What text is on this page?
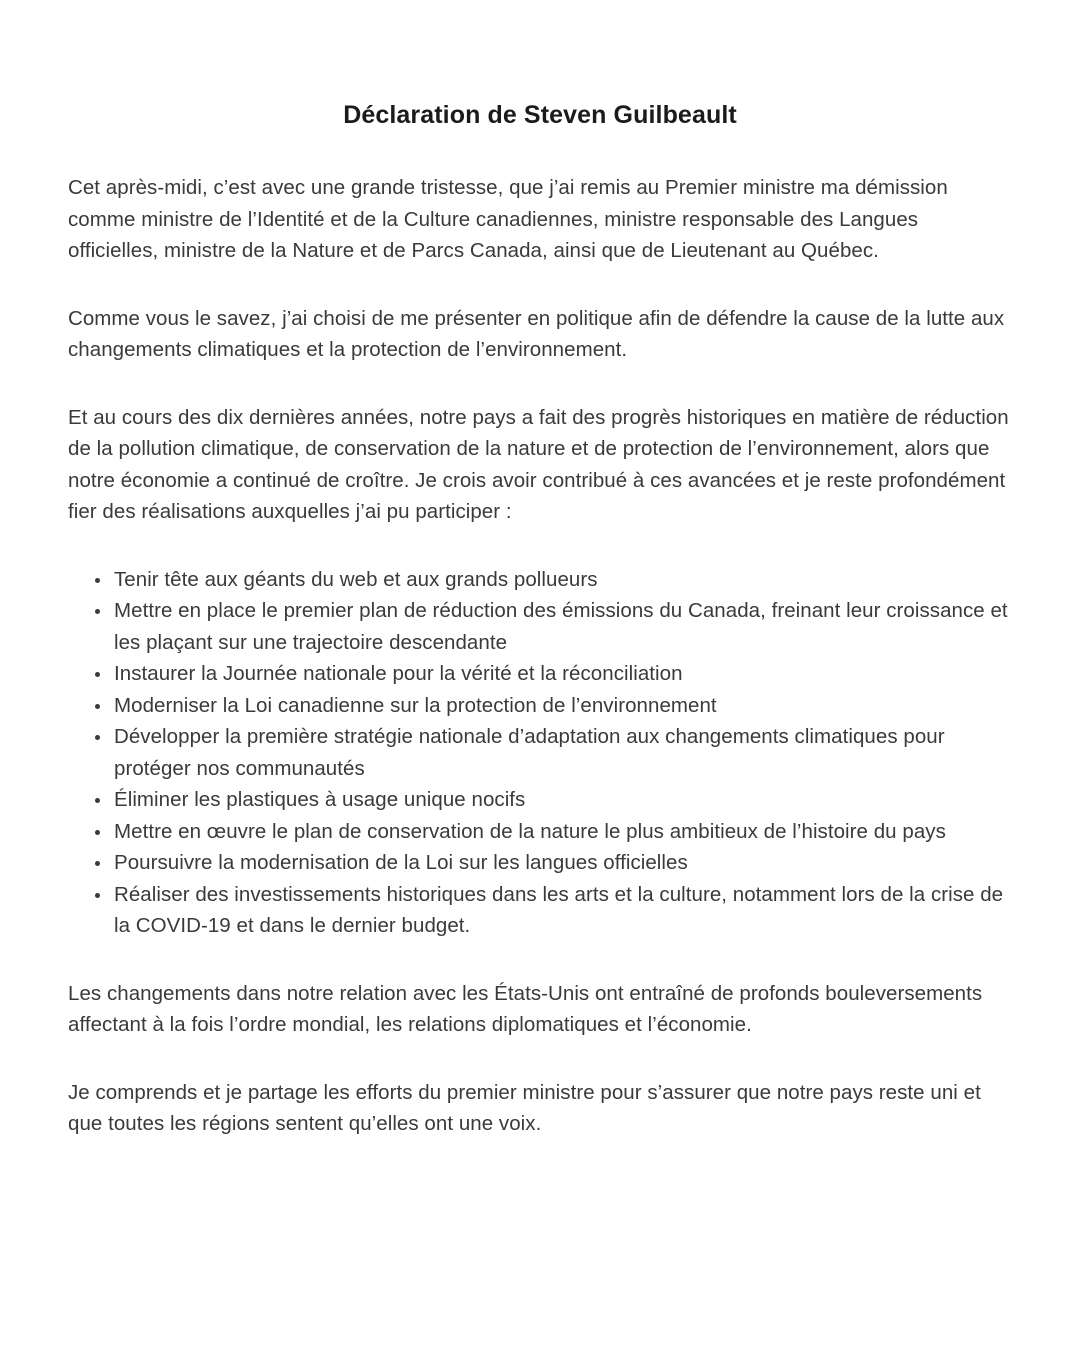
Déclaration de Steven Guilbeault

Cet après-midi, c’est avec une grande tristesse, que j’ai remis au Premier ministre ma démission comme ministre de l’Identité et de la Culture canadiennes, ministre responsable des Langues officielles, ministre de la Nature et de Parcs Canada, ainsi que de Lieutenant au Québec.

Comme vous le savez, j’ai choisi de me présenter en politique afin de défendre la cause de la lutte aux changements climatiques et la protection de l’environnement.

Et au cours des dix dernières années, notre pays a fait des progrès historiques en matière de réduction de la pollution climatique, de conservation de la nature et de protection de l’environnement, alors que notre économie a continué de croître. Je crois avoir contribué à ces avancées et je reste profondément fier des réalisations auxquelles j’ai pu participer :

• Tenir tête aux géants du web et aux grands pollueurs
• Mettre en place le premier plan de réduction des émissions du Canada, freinant leur croissance et les plaçant sur une trajectoire descendante
• Instaurer la Journée nationale pour la vérité et la réconciliation
• Moderniser la Loi canadienne sur la protection de l’environnement
• Développer la première stratégie nationale d’adaptation aux changements climatiques pour protéger nos communautés
• Éliminer les plastiques à usage unique nocifs
• Mettre en œuvre le plan de conservation de la nature le plus ambitieux de l’histoire du pays
• Poursuivre la modernisation de la Loi sur les langues officielles
• Réaliser des investissements historiques dans les arts et la culture, notamment lors de la crise de la COVID-19 et dans le dernier budget.

Les changements dans notre relation avec les États-Unis ont entraîné de profonds bouleversements affectant à la fois l’ordre mondial, les relations diplomatiques et l’économie.

Je comprends et je partage les efforts du premier ministre pour s’assurer que notre pays reste uni et que toutes les régions sentent qu’elles ont une voix.
